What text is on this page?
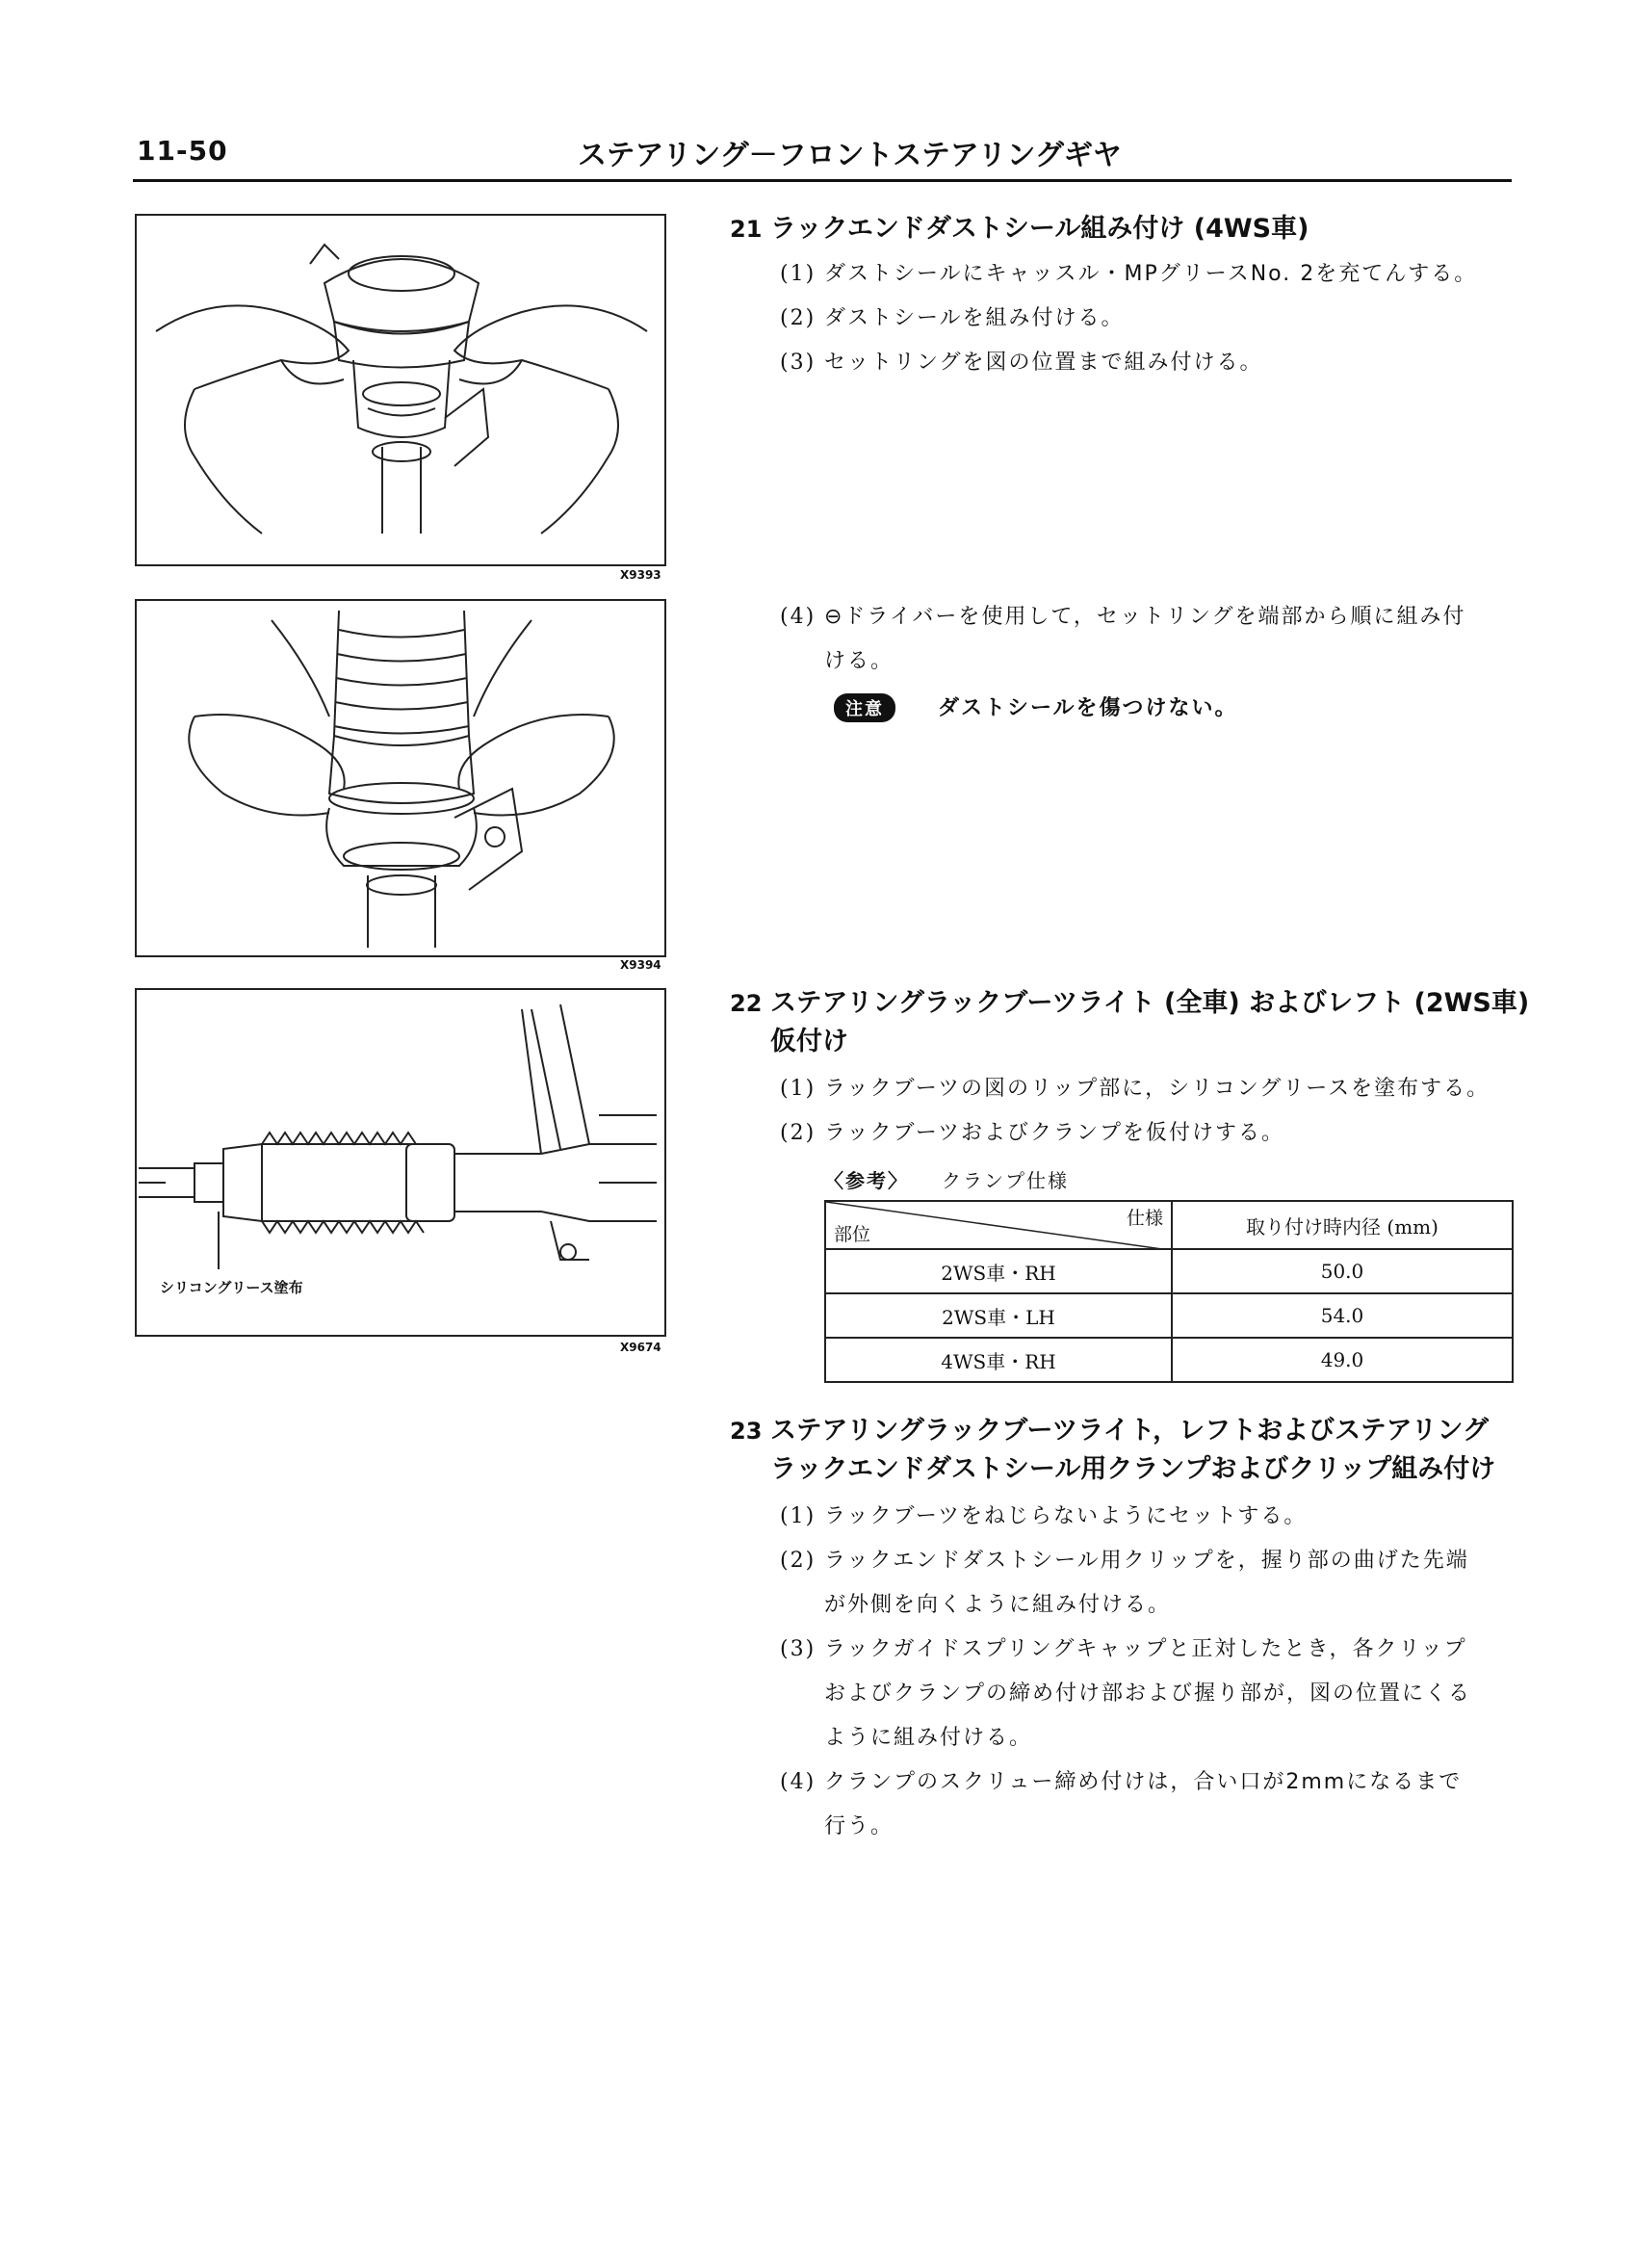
11-50	ステアリング－フロントステアリングギヤ
X9393
X9394
シリコングリース塗布
X9674
21 ラックエンドダストシール組み付け (4WS車)
(1) ダストシールにキャッスル・MPグリースNo. 2を充てんする。
(2) ダストシールを組み付ける。
(3) セットリングを図の位置まで組み付ける。
(4) ⊖ドライバーを使用して，セットリングを端部から順に組み付
ける。
注意	ダストシールを傷つけない。
22 ステアリングラックブーツライト (全車) およびレフト (2WS車)
仮付け
(1) ラックブーツの図のリップ部に，シリコングリースを塗布する。
(2) ラックブーツおよびクランプを仮付けする。
〈参考〉 クランプ仕様
仕様
部位	取り付け時内径 (mm)
2WS車・RH	50.0
2WS車・LH	54.0
4WS車・RH	49.0
23 ステアリングラックブーツライト，レフトおよびステアリング
ラックエンドダストシール用クランプおよびクリップ組み付け
(1) ラックブーツをねじらないようにセットする。
(2) ラックエンドダストシール用クリップを，握り部の曲げた先端
が外側を向くように組み付ける。
(3) ラックガイドスプリングキャップと正対したとき，各クリップ
およびクランプの締め付け部および握り部が，図の位置にくる
ように組み付ける。
(4) クランプのスクリュー締め付けは，合い口が2mmになるまで
行う。
